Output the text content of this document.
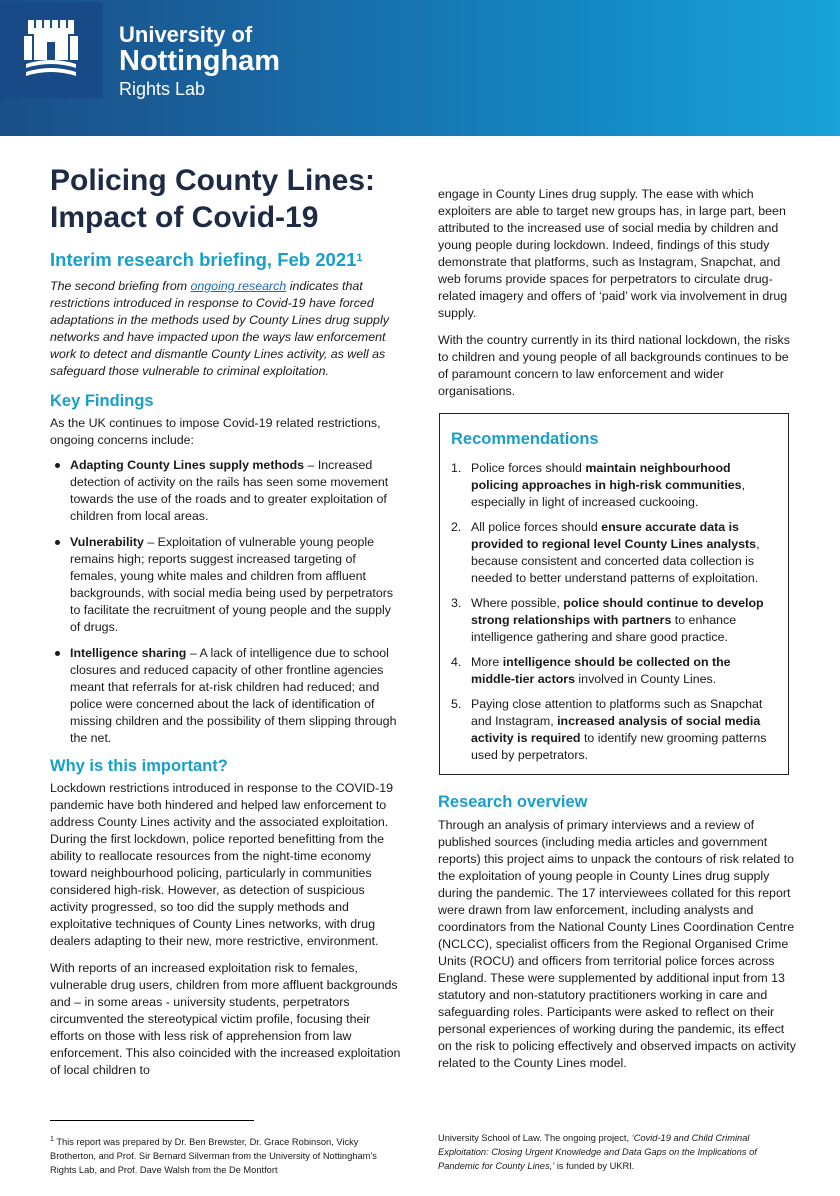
University of
Nottingham
Rights Lab
Policing County Lines:
Impact of Covid-19
Interim research briefing, Feb 2021$^1$

The second briefing from ongoing research indicates that restrictions introduced in response to Covid-19 have forced adaptations in the methods used by County Lines drug supply networks and have impacted upon the ways law enforcement work to detect and dismantle County Lines activity, as well as safeguard those vulnerable to criminal exploitation.

Key Findings

As the UK continues to impose Covid-19 related restrictions, ongoing concerns include:

Adapting County Lines supply methods – Increased detection of activity on the rails has seen some movement towards the use of the roads and to greater exploitation of children from local areas.
Vulnerability – Exploitation of vulnerable young people remains high; reports suggest increased targeting of females, young white males and children from affluent backgrounds, with social media being used by perpetrators to facilitate the recruitment of young people and the supply of drugs.
Intelligence sharing – A lack of intelligence due to school closures and reduced capacity of other frontline agencies meant that referrals for at-risk children had reduced; and police were concerned about the lack of identification of missing children and the possibility of them slipping through the net.
Why is this important?

Lockdown restrictions introduced in response to the COVID-19 pandemic have both hindered and helped law enforcement to address County Lines activity and the associated exploitation. During the first lockdown, police reported benefitting from the ability to reallocate resources from the night-time economy toward neighbourhood policing, particularly in communities considered high-risk. However, as detection of suspicious activity progressed, so too did the supply methods and exploitative techniques of County Lines networks, with drug dealers adapting to their new, more restrictive, environment.

With reports of an increased exploitation risk to females, vulnerable drug users, children from more affluent backgrounds and – in some areas - university students, perpetrators circumvented the stereotypical victim profile, focusing their efforts on those with less risk of apprehension from law enforcement. This also coincided with the increased exploitation of local children to

engage in County Lines drug supply. The ease with which exploiters are able to target new groups has, in large part, been attributed to the increased use of social media by children and young people during lockdown. Indeed, findings of this study demonstrate that platforms, such as Instagram, Snapchat, and web forums provide spaces for perpetrators to circulate drug-related imagery and offers of ‘paid’ work via involvement in drug supply.

With the country currently in its third national lockdown, the risks to children and young people of all backgrounds continues to be of paramount concern to law enforcement and wider organisations.

Recommendations
1. Police forces should maintain neighbourhood policing approaches in high-risk communities, especially in light of increased cuckooing.
2. All police forces should ensure accurate data is provided to regional level County Lines analysts, because consistent and concerted data collection is needed to better understand patterns of exploitation.
3. Where possible, police should continue to develop strong relationships with partners to enhance intelligence gathering and share good practice.
4. More intelligence should be collected on the middle-tier actors involved in County Lines.
5. Paying close attention to platforms such as Snapchat and Instagram, increased analysis of social media activity is required to identify new grooming patterns used by perpetrators.
Research overview

Through an analysis of primary interviews and a review of published sources (including media articles and government reports) this project aims to unpack the contours of risk related to the exploitation of young people in County Lines drug supply during the pandemic. The 17 interviewees collated for this report were drawn from law enforcement, including analysts and coordinators from the National County Lines Coordination Centre (NCLCC), specialist officers from the Regional Organised Crime Units (ROCU) and officers from territorial police forces across England. These were supplemented by additional input from 13 statutory and non-statutory practitioners working in care and safeguarding roles. Participants were asked to reflect on their personal experiences of working during the pandemic, its effect on the risk to policing effectively and observed impacts on activity related to the County Lines model.

$^1$ This report was prepared by Dr. Ben Brewster, Dr. Grace Robinson, Vicky Brotherton, and Prof. Sir Bernard Silverman from the University of Nottingham’s Rights Lab, and Prof. Dave Walsh from the De Montfort

University School of Law. The ongoing project, ‘Covid-19 and Child Criminal Exploitation: Closing Urgent Knowledge and Data Gaps on the Implications of Pandemic for County Lines,’ is funded by UKRI.
